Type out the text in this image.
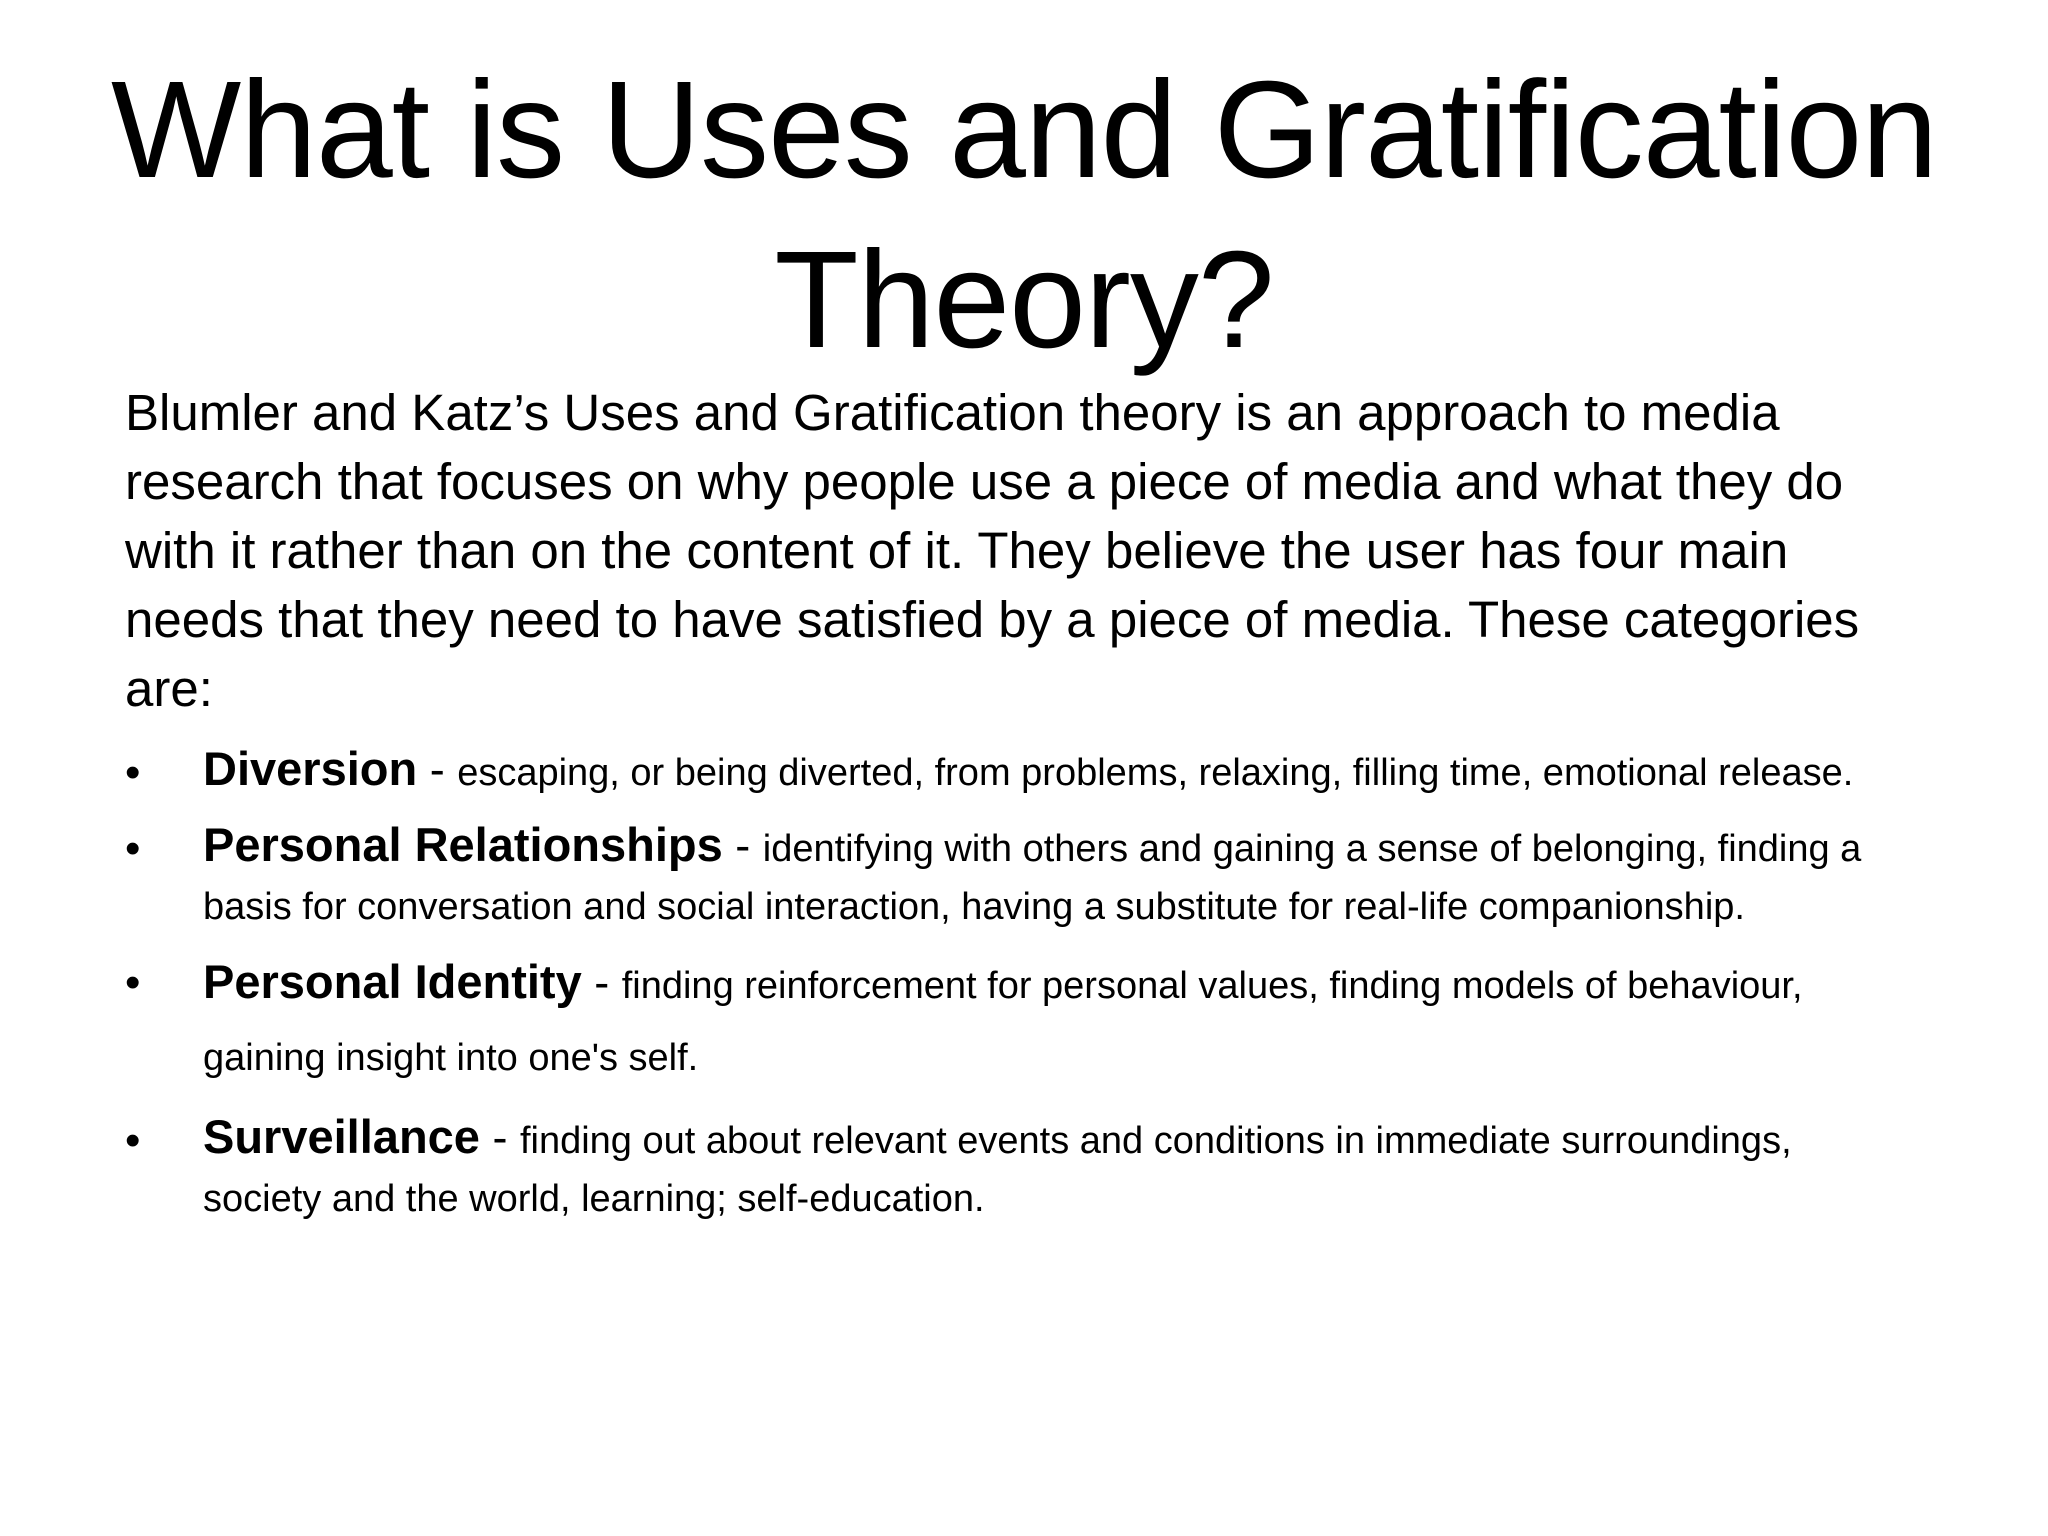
What is Uses and Gratification Theory?

Blumler and Katz’s Uses and Gratification theory is an approach to media research that focuses on why people use a piece of media and what they do with it rather than on the content of it. They believe the user has four main needs that they need to have satisfied by a piece of media. These categories are:

• Diversion - escaping, or being diverted, from problems, relaxing, filling time, emotional release.
• Personal Relationships - identifying with others and gaining a sense of belonging, finding a basis for conversation and social interaction, having a substitute for real-life companionship.
• Personal Identity - finding reinforcement for personal values, finding models of behaviour, gaining insight into one's self.
• Surveillance - finding out about relevant events and conditions in immediate surroundings, society and the world, learning; self-education.
